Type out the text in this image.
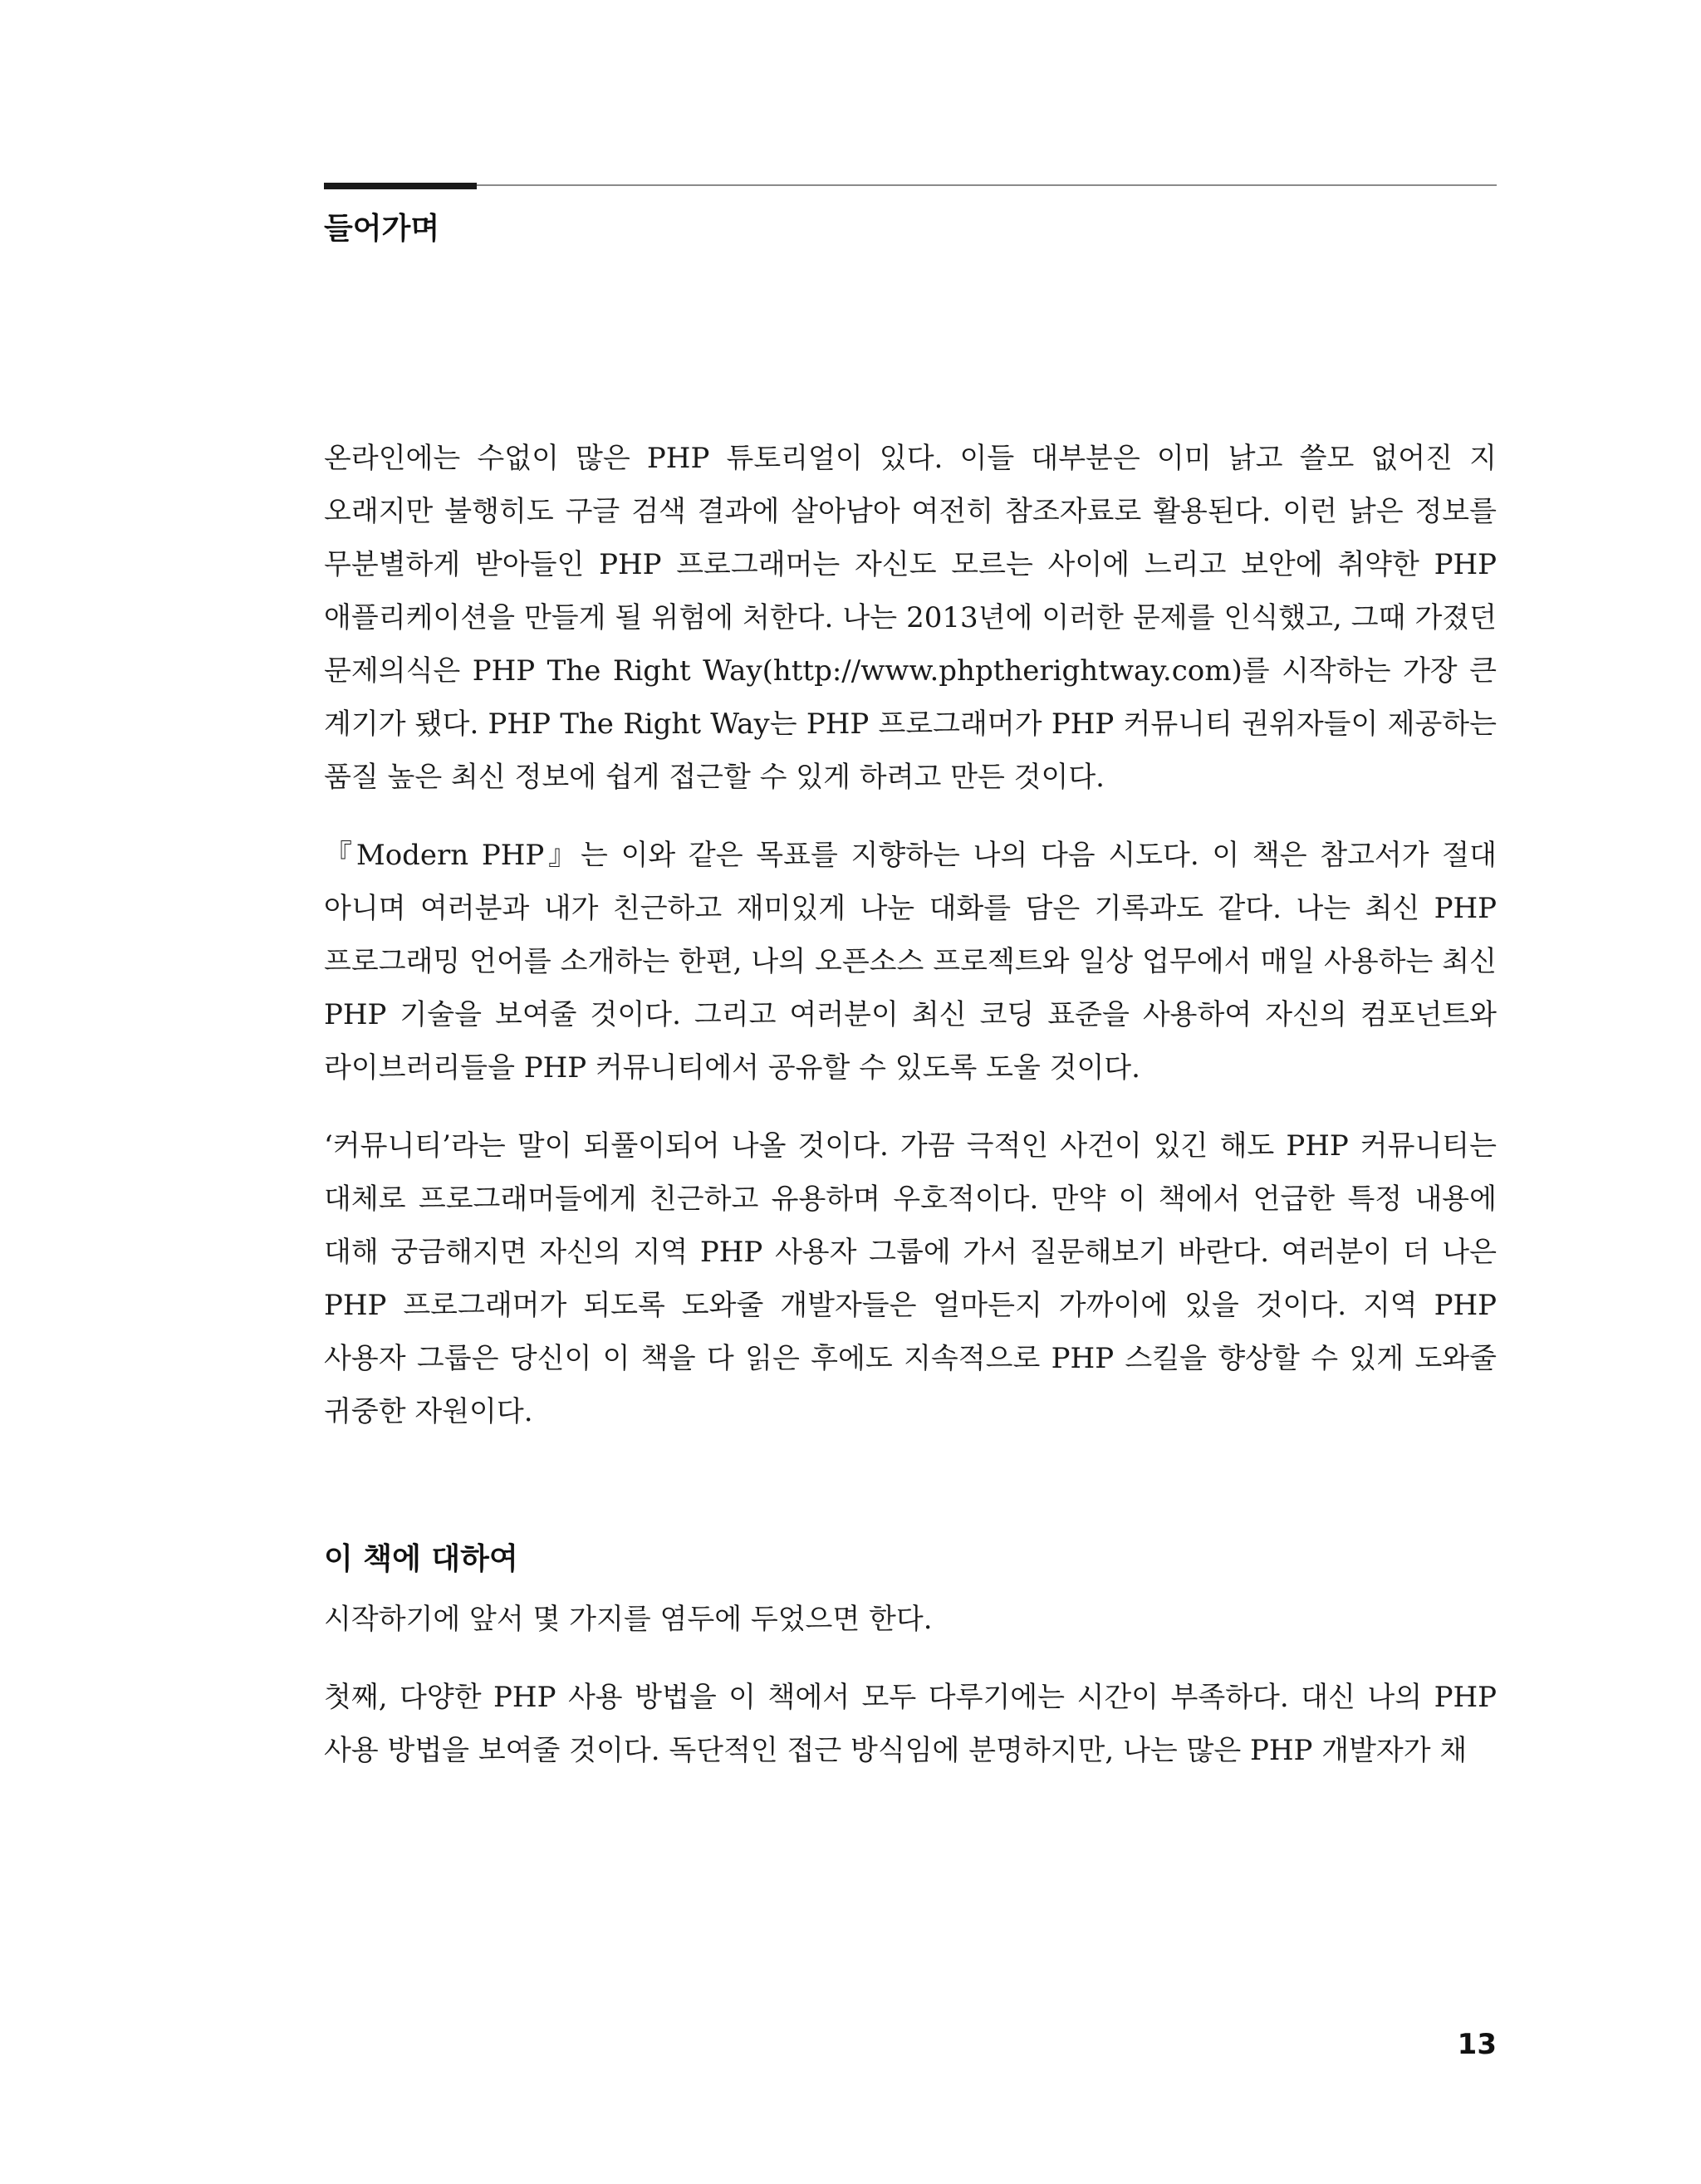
들어가며

온라인에는 수없이 많은 PHP 튜토리얼이 있다. 이들 대부분은 이미 낡고 쓸모 없어진 지 오래지만 불행히도 구글 검색 결과에 살아남아 여전히 참조자료로 활용된다. 이런 낡은 정보를 무분별하게 받아들인 PHP 프로그래머는 자신도 모르는 사이에 느리고 보안에 취약한 PHP 애플리케이션을 만들게 될 위험에 처한다. 나는 2013년에 이러한 문제를 인식했고, 그때 가졌던 문제의식은 PHP The Right Way(http://www.phptherightway.com)를 시작하는 가장 큰 계기가 됐다. PHP The Right Way는 PHP 프로그래머가 PHP 커뮤니티 권위자들이 제공하는 품질 높은 최신 정보에 쉽게 접근할 수 있게 하려고 만든 것이다.

『Modern PHP』는 이와 같은 목표를 지향하는 나의 다음 시도다. 이 책은 참고서가 절대 아니며 여러분과 내가 친근하고 재미있게 나눈 대화를 담은 기록과도 같다. 나는 최신 PHP 프로그래밍 언어를 소개하는 한편, 나의 오픈소스 프로젝트와 일상 업무에서 매일 사용하는 최신 PHP 기술을 보여줄 것이다. 그리고 여러분이 최신 코딩 표준을 사용하여 자신의 컴포넌트와 라이브러리들을 PHP 커뮤니티에서 공유할 수 있도록 도울 것이다.

‘커뮤니티’라는 말이 되풀이되어 나올 것이다. 가끔 극적인 사건이 있긴 해도 PHP 커뮤니티는 대체로 프로그래머들에게 친근하고 유용하며 우호적이다. 만약 이 책에서 언급한 특정 내용에 대해 궁금해지면 자신의 지역 PHP 사용자 그룹에 가서 질문해보기 바란다. 여러분이 더 나은 PHP 프로그래머가 되도록 도와줄 개발자들은 얼마든지 가까이에 있을 것이다. 지역 PHP 사용자 그룹은 당신이 이 책을 다 읽은 후에도 지속적으로 PHP 스킬을 향상할 수 있게 도와줄 귀중한 자원이다.

이 책에 대하여

시작하기에 앞서 몇 가지를 염두에 두었으면 한다.

첫째, 다양한 PHP 사용 방법을 이 책에서 모두 다루기에는 시간이 부족하다. 대신 나의 PHP 사용 방법을 보여줄 것이다. 독단적인 접근 방식임에 분명하지만, 나는 많은 PHP 개발자가 채

13
